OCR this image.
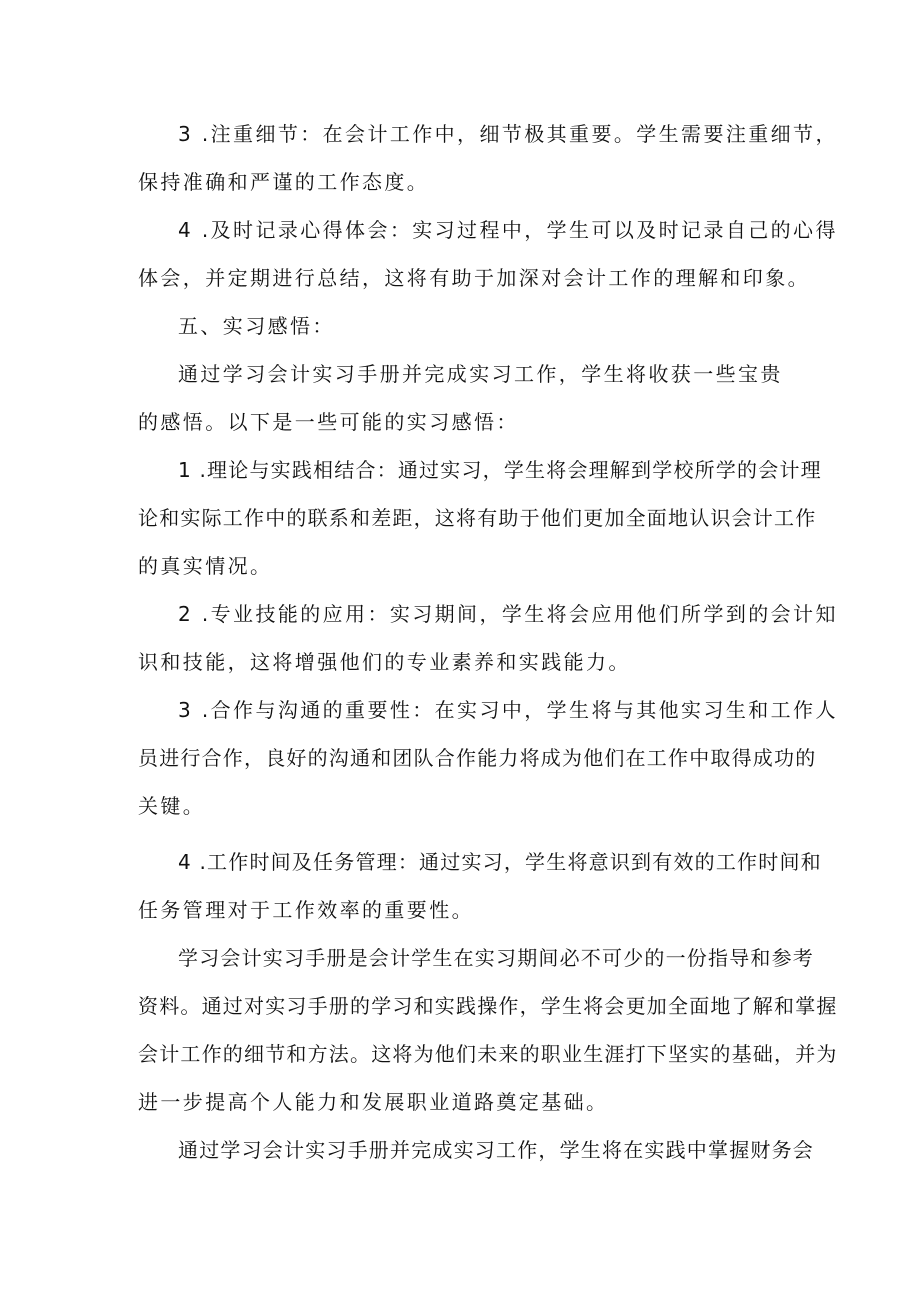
3 .注重细节：在会计工作中，细节极其重要。学生需要注重细节，
保持准确和严谨的工作态度。
4 .及时记录心得体会：实习过程中，学生可以及时记录自己的心得
体会，并定期进行总结，这将有助于加深对会计工作的理解和印象。
五、实习感悟：
通过学习会计实习手册并完成实习工作，学生将收获一些宝贵
的感悟。以下是一些可能的实习感悟：
1 .理论与实践相结合：通过实习，学生将会理解到学校所学的会计理
论和实际工作中的联系和差距，这将有助于他们更加全面地认识会计工作
的真实情况。
2 .专业技能的应用：实习期间，学生将会应用他们所学到的会计知
识和技能，这将增强他们的专业素养和实践能力。
3 .合作与沟通的重要性：在实习中，学生将与其他实习生和工作人
员进行合作，良好的沟通和团队合作能力将成为他们在工作中取得成功的
关键。
4 .工作时间及任务管理：通过实习，学生将意识到有效的工作时间和
任务管理对于工作效率的重要性。
学习会计实习手册是会计学生在实习期间必不可少的一份指导和参考
资料。通过对实习手册的学习和实践操作，学生将会更加全面地了解和掌握
会计工作的细节和方法。这将为他们未来的职业生涯打下坚实的基础，并为
进一步提高个人能力和发展职业道路奠定基础。
通过学习会计实习手册并完成实习工作，学生将在实践中掌握财务会
